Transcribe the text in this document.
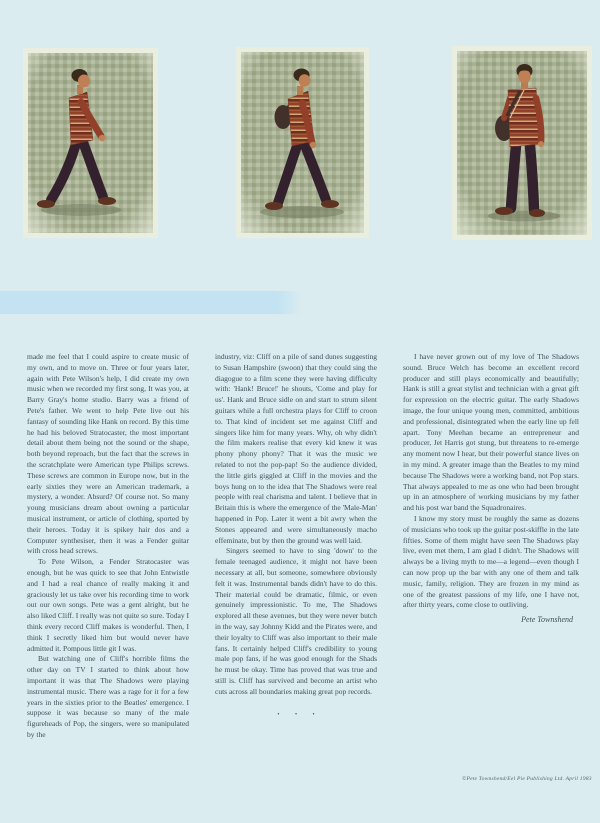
made me feel that I could aspire to create music of my own, and to move on. Three or four years later, again with Pete Wilson's help, I did create my own music when we recorded my first song, It was you, at Barry Gray's home studio. Barry was a friend of Pete's father. We went to help Pete live out his fantasy of sounding like Hank on record. By this time he had his beloved Stratocaster, the most important detail about them being not the sound or the shape, both beyond reproach, but the fact that the screws in the scratchplate were American type Philips screws. These screws are common in Europe now, but in the early sixties they were an American trademark, a mystery, a wonder. Absurd? Of course not. So many young musicians dream about owning a particular musical instrument, or article of clothing, sported by their heroes. Today it is spikey hair dos and a Computer synthesiser, then it was a Fender guitar with cross head screws.

To Pete Wilson, a Fender Stratocaster was enough, but he was quick to see that John Entwistle and I had a real chance of really making it and graciously let us take over his recording time to work out our own songs. Pete was a gent alright, but he also liked Cliff. I really was not quite so sure. Today I think every record Cliff makes is wonderful. Then, I think I secretly liked him but would never have admitted it. Pompous little git I was.

But watching one of Cliff's horrible films the other day on TV I started to think about how important it was that The Shadows were playing instrumental music. There was a rage for it for a few years in the sixties prior to the Beatles' emergence. I suppose it was because so many of the male figureheads of Pop, the singers, were so manipulated by the

industry, viz: Cliff on a pile of sand dunes suggesting to Susan Hampshire (swoon) that they could sing the diagogue to a film scene they were having difficulty with: 'Hank! Bruce!' he shouts, 'Come and play for us'. Hank and Bruce sidle on and start to strum silent guitars while a full orchestra plays for Cliff to croon to. That kind of incident set me against Cliff and singers like him for many years. Why, oh why didn't the film makers realise that every kid knew it was phony phony phony? That it was the music we related to not the pop-pap! So the audience divided, the little girls giggled at Cliff in the movies and the boys hung on to the idea that The Shadows were real people with real charisma and talent. I believe that in Britain this is where the emergence of the 'Male-Man' happened in Pop. Later it went a bit awry when the Stones appeared and were simultaneously macho effeminate, but by then the ground was well laid.

Singers seemed to have to sing 'down' to the female teenaged audience, it might not have been necessary at all, but someone, somewhere obviously felt it was. Instrumental bands didn't have to do this. Their material could be dramatic, filmic, or even genuinely impressionistic. To me, The Shadows explored all these avenues, but they were never butch in the way, say Johnny Kidd and the Pirates were, and their loyalty to Cliff was also important to their male fans. It certainly helped Cliff's credibility to young male pop fans, if he was good enough for the Shads he must be okay. Time has proved that was true and still is. Cliff has survived and become an artist who cuts across all boundaries making great pop records.

• • •

I have never grown out of my love of The Shadows sound. Bruce Welch has become an excellent record producer and still plays economically and beautifully; Hank is still a great stylist and technician with a great gift for expression on the electric guitar. The early Shadows image, the four unique young men, committed, ambitious and professional, disintegrated when the early line up fell apart. Tony Meehan became an entrepreneur and producer, Jet Harris got stung, but threatens to re-emerge any moment now I hear, but their powerful stance lives on in my mind. A greater image than the Beatles to my mind because The Shadows were a working band, not Pop stars. That always appealed to me as one who had been brought up in an atmosphere of working musicians by my father and his post war band the Squadronaires.

I know my story must be roughly the same as dozens of musicians who took up the guitar post-skiffle in the late fifties. Some of them might have seen The Shadows play live, even met them, I am glad I didn't. The Shadows will always be a living myth to me—a legend—even though I can now prop up the bar with any one of them and talk music, family, religion. They are frozen in my mind as one of the greatest passions of my life, one I have not, after thirty years, come close to outliving.

Pete Townshend
©Pete Townshend/Eel Pie Publishing Ltd. April 1983
